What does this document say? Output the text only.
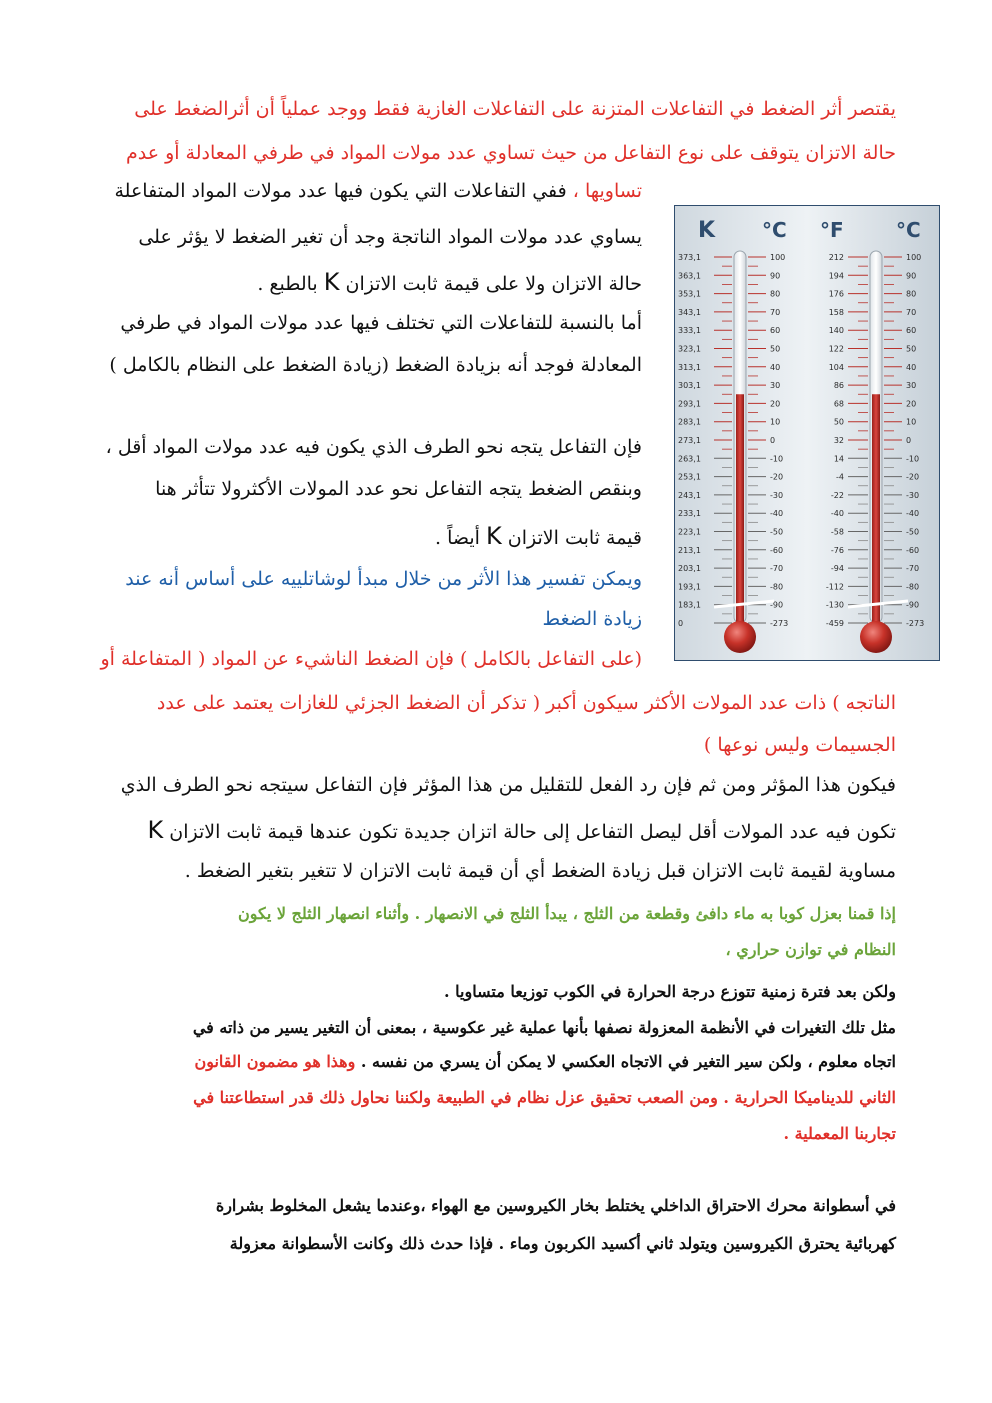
يقتصر أثر الضغط في التفاعلات المتزنة على التفاعلات الغازية فقط ووجد عملياً أن أثرالضغط على
حالة الاتزان يتوقف على نوع التفاعل من حيث تساوي عدد مولات المواد في طرفي المعادلة أو عدم
تساويها ، ففي التفاعلات التي يكون فيها عدد مولات المواد المتفاعلة
يساوي عدد مولات المواد الناتجة وجد أن تغير الضغط لا يؤثر على
حالة الاتزان ولا على قيمة ثابت الاتزان K بالطبع .
أما بالنسبة للتفاعلات التي تختلف فيها عدد مولات المواد في طرفي
المعادلة فوجد أنه بزيادة الضغط (زيادة الضغط على النظام بالكامل )
فإن التفاعل يتجه نحو الطرف الذي يكون فيه عدد مولات المواد أقل ،
وبنقص الضغط يتجه التفاعل نحو عدد المولات الأكثرولا تتأثر هنا
قيمة ثابت الاتزان K أيضاً .
ويمكن تفسير هذا الأثر من خلال مبدأ لوشاتلييه على أساس أنه عند
زيادة الضغط
(على التفاعل بالكامل ) فإن الضغط الناشيء عن المواد ( المتفاعلة أو
الناتجه ) ذات عدد المولات الأكثر سيكون أكبر ( تذكر أن الضغط الجزئي للغازات يعتمد على عدد
الجسيمات وليس نوعها )
فيكون هذا المؤثر ومن ثم فإن رد الفعل للتقليل من هذا المؤثر فإن التفاعل سيتجه نحو الطرف الذي
تكون فيه عدد المولات أقل ليصل التفاعل إلى حالة اتزان جديدة تكون عندها قيمة ثابت الاتزان K
مساوية لقيمة ثابت الاتزان قبل زيادة الضغط أي أن قيمة ثابت الاتزان لا تتغير بتغير الضغط .
إذا قمنا بعزل كوبا به ماء دافئ وقطعة من الثلج ، يبدأ الثلج في الانصهار . وأثناء انصهار الثلج لا يكون
النظام في توازن حراري ،
ولكن بعد فترة زمنية تتوزع درجة الحرارة في الكوب توزيعا متساويا .
مثل تلك التغيرات في الأنظمة المعزولة نصفها بأنها عملية غير عكوسية ، بمعنى أن التغير يسير من ذاته في
اتجاه معلوم ، ولكن سير التغير في الاتجاه العكسي لا يمكن أن يسري من نفسه . وهذا هو مضمون القانون
الثاني للديناميكا الحرارية . ومن الصعب تحقيق عزل نظام في الطبيعة ولكننا نحاول ذلك قدر استطاعتنا في
تجاربنا المعملية .
في أسطوانة محرك الاحتراق الداخلي يختلط بخار الكيروسين مع الهواء ،وعندما يشعل المخلوط بشرارة
كهربائية يحترق الكيروسين ويتولد ثاني أكسيد الكربون وماء . فإذا حدث ذلك وكانت الأسطوانة معزولة
K °C °F	°C
373,1	100	212	100
363,1	90	194	90
353,1	80	176	80
343,1	70	158	70
333,1	60	140	60
323,1	50	122	50
313,1	40	104	40
303,1	30	86	30
293,1	20	68	20
283,1	10	50	10
273,1	0	32	0
263,1	-10	14	-10
253,1	-20	-4	-20
243,1	-30	-22	-30
233,1	-40	-40	-40
223,1	-50	-58	-50
213,1	-60	-76	-60
203,1	-70	-94	-70
193,1	-80	-112	-80
183,1	-90	-130	-90
0	-273	-459	-273
